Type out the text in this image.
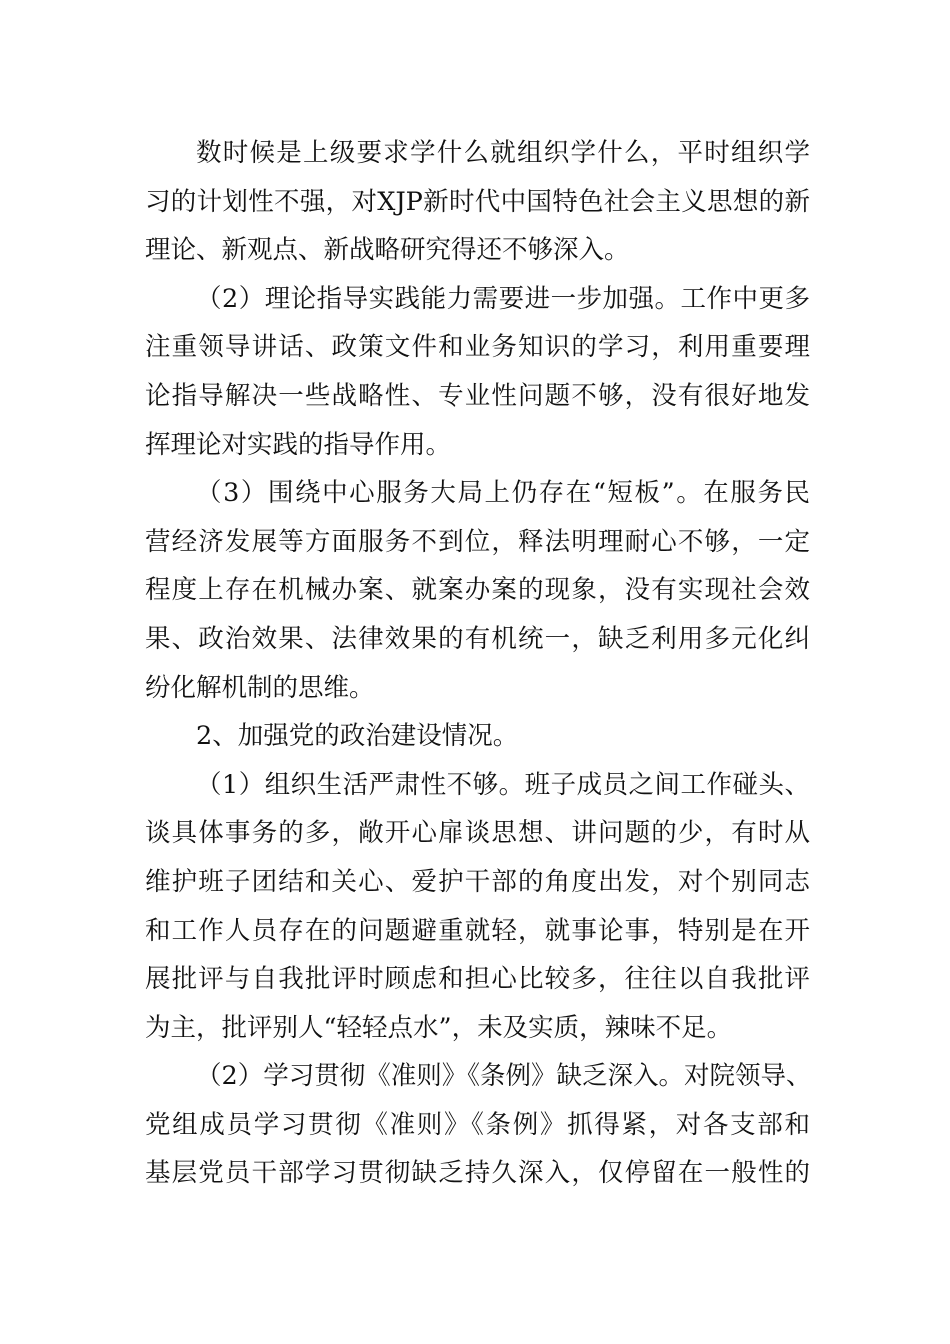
数时候是上级要求学什么就组织学什么，平时组织学
习的计划性不强，对XJP新时代中国特色社会主义思想的新
理论、新观点、新战略研究得还不够深入。
（2）理论指导实践能力需要进一步加强。工作中更多
注重领导讲话、政策文件和业务知识的学习，利用重要理
论指导解决一些战略性、专业性问题不够，没有很好地发
挥理论对实践的指导作用。
（3）围绕中心服务大局上仍存在“短板”。在服务民
营经济发展等方面服务不到位，释法明理耐心不够，一定
程度上存在机械办案、就案办案的现象，没有实现社会效
果、政治效果、法律效果的有机统一，缺乏利用多元化纠
纷化解机制的思维。
2、加强党的政治建设情况。
（1）组织生活严肃性不够。班子成员之间工作碰头、
谈具体事务的多，敞开心扉谈思想、讲问题的少，有时从
维护班子团结和关心、爱护干部的角度出发，对个别同志
和工作人员存在的问题避重就轻，就事论事，特别是在开
展批评与自我批评时顾虑和担心比较多，往往以自我批评
为主，批评别人“轻轻点水”，未及实质，辣味不足。
（2）学习贯彻《准则》《条例》缺乏深入。对院领导、
党组成员学习贯彻《准则》《条例》抓得紧，对各支部和
基层党员干部学习贯彻缺乏持久深入，仅停留在一般性的
